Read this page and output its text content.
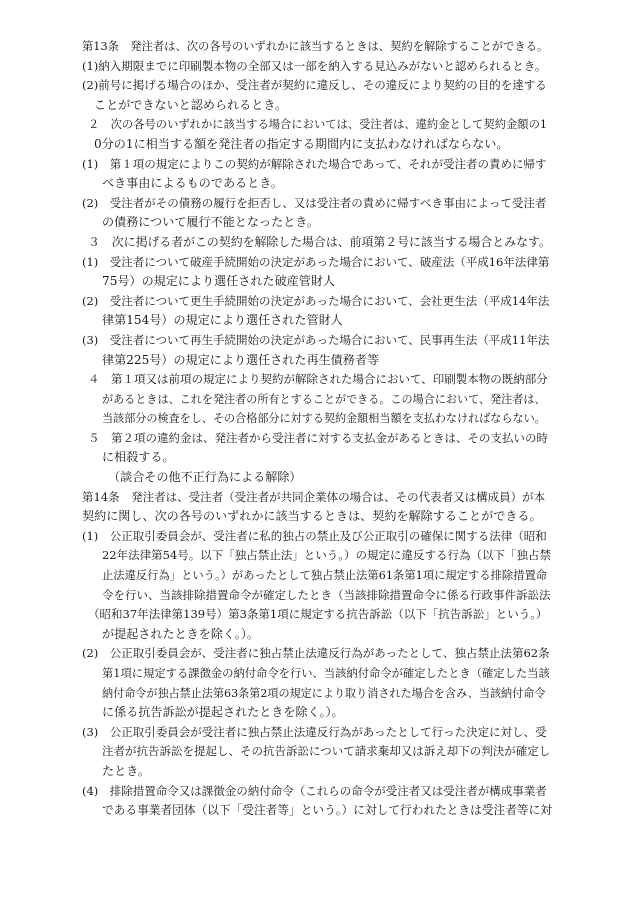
第13条　発注者は、次の各号のいずれかに該当するときは、契約を解除することができる。
(1)納入期限までに印刷製本物の全部又は一部を納入する見込みがないと認められるとき。
(2)前号に掲げる場合のほか、受注者が契約に違反し、その違反により契約の目的を達する
ことができないと認められるとき。
２　次の各号のいずれかに該当する場合においては、受注者は、違約金として契約金額の1
0分の1に相当する額を発注者の指定する期間内に支払わなければならない。
(1)　第１項の規定によりこの契約が解除された場合であって、それが受注者の責めに帰す
べき事由によるものであるとき。
(2)　受注者がその債務の履行を拒否し、又は受注者の責めに帰すべき事由によって受注者
の債務について履行不能となったとき。
３　次に掲げる者がこの契約を解除した場合は、前項第２号に該当する場合とみなす。
(1)　受注者について破産手続開始の決定があった場合において、破産法（平成16年法律第
75号）の規定により選任された破産管財人
(2)　受注者について更生手続開始の決定があった場合において、会社更生法（平成14年法
律第154号）の規定により選任された管財人
(3)　受注者について再生手続開始の決定があった場合において、民事再生法（平成11年法
律第225号）の規定により選任された再生債務者等
４　第１項又は前項の規定により契約が解除された場合において、印刷製本物の既納部分
があるときは、これを発注者の所有とすることができる。この場合において、発注者は、
当該部分の検査をし、その合格部分に対する契約金額相当額を支払わなければならない。
５　第２項の違約金は、発注者から受注者に対する支払金があるときは、その支払いの時
に相殺する。
（談合その他不正行為による解除）
第14条　発注者は、受注者（受注者が共同企業体の場合は、その代表者又は構成員）が本
契約に関し、次の各号のいずれかに該当するときは、契約を解除することができる。
(1)　公正取引委員会が、受注者に私的独占の禁止及び公正取引の確保に関する法律（昭和
22年法律第54号。以下「独占禁止法」という。）の規定に違反する行為（以下「独占禁
止法違反行為」という。）があったとして独占禁止法第61条第1項に規定する排除措置命
令を行い、当該排除措置命令が確定したとき（当該排除措置命令に係る行政事件訴訟法
（昭和37年法律第139号）第3条第1項に規定する抗告訴訟（以下「抗告訴訟」という。）
が提起されたときを除く。）。
(2)　公正取引委員会が、受注者に独占禁止法違反行為があったとして、独占禁止法第62条
第1項に規定する課徴金の納付命令を行い、当該納付命令が確定したとき（確定した当該
納付命令が独占禁止法第63条第2項の規定により取り消された場合を含み、当該納付命令
に係る抗告訴訟が提起されたときを除く。）。
(3)　公正取引委員会が受注者に独占禁止法違反行為があったとして行った決定に対し、受
注者が抗告訴訟を提起し、その抗告訴訟について請求棄却又は訴え却下の判決が確定し
たとき。
(4)　排除措置命令又は課徴金の納付命令（これらの命令が受注者又は受注者が構成事業者
である事業者団体（以下「受注者等」という。）に対して行われたときは受注者等に対
